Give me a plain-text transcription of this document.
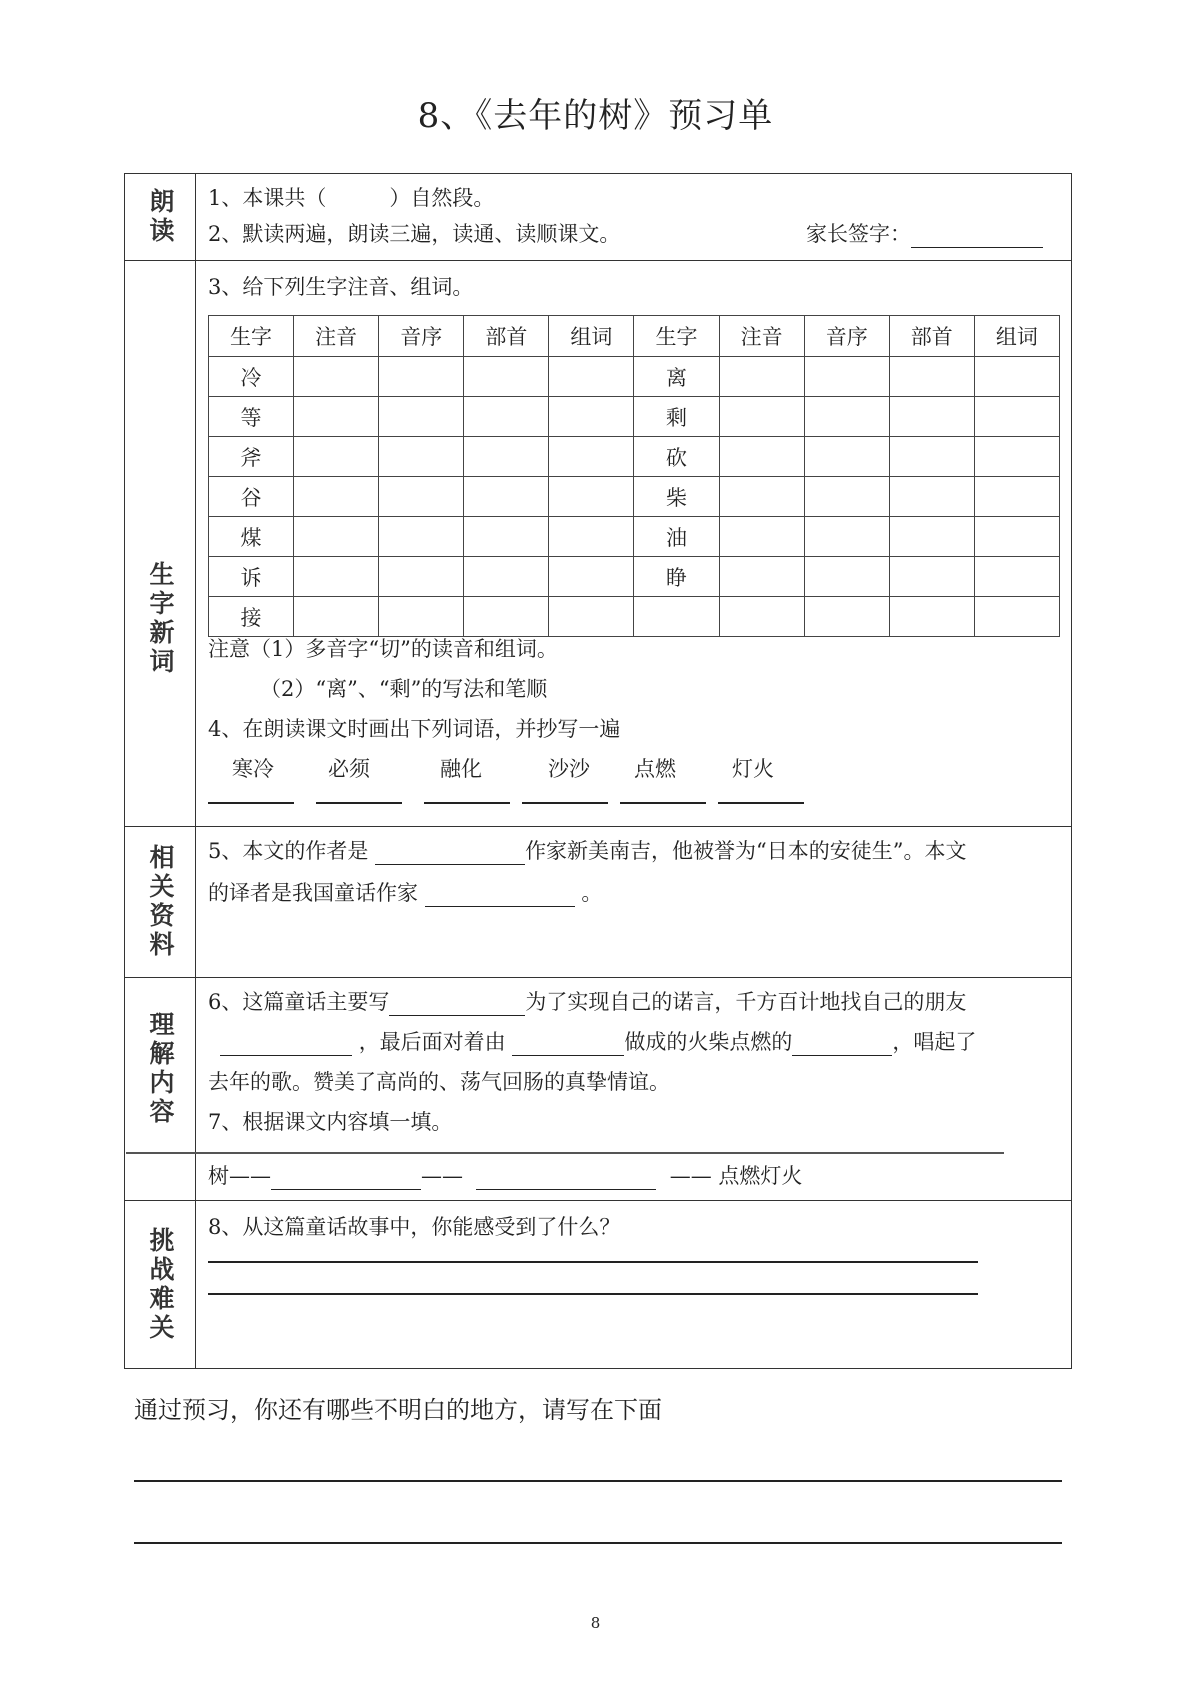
8、《去年的树》预习单
朗读 1、本课共（　　　）自然段。
2、默读两遍，朗读三遍，读通、读顺课文。	家长签字：
生字新词
3、给下列生字注音、组词。
生字	注音	音序	部首	组词	生字	注音	音序	部首	组词
冷					离				
等					剩				
斧					砍				
谷					柴				
煤					油				
诉					睁				
接									
注意（1）多音字“切”的读音和组词。
（2）“离”、“剩”的写法和笔顺
4、在朗读课文时画出下列词语，并抄写一遍
寒冷	必须	融化	沙沙 点燃	灯火
相关资料 5、本文的作者是	作家新美南吉，他被誉为“日本的安徒生”。本文
的译者是我国童话作家	。
理解内容
6、这篇童话主要写	为了实现自己的诺言，千方百计地找自己的朋友
，最后面对着由	做成的火柴点燃的	，唱起了
去年的歌。赞美了高尚的、荡气回肠的真挚情谊。
7、根据课文内容填一填。
树——	——	—— 点燃灯火
挑战难关 8、从这篇童话故事中，你能感受到了什么？
通过预习，你还有哪些不明白的地方，请写在下面
8
